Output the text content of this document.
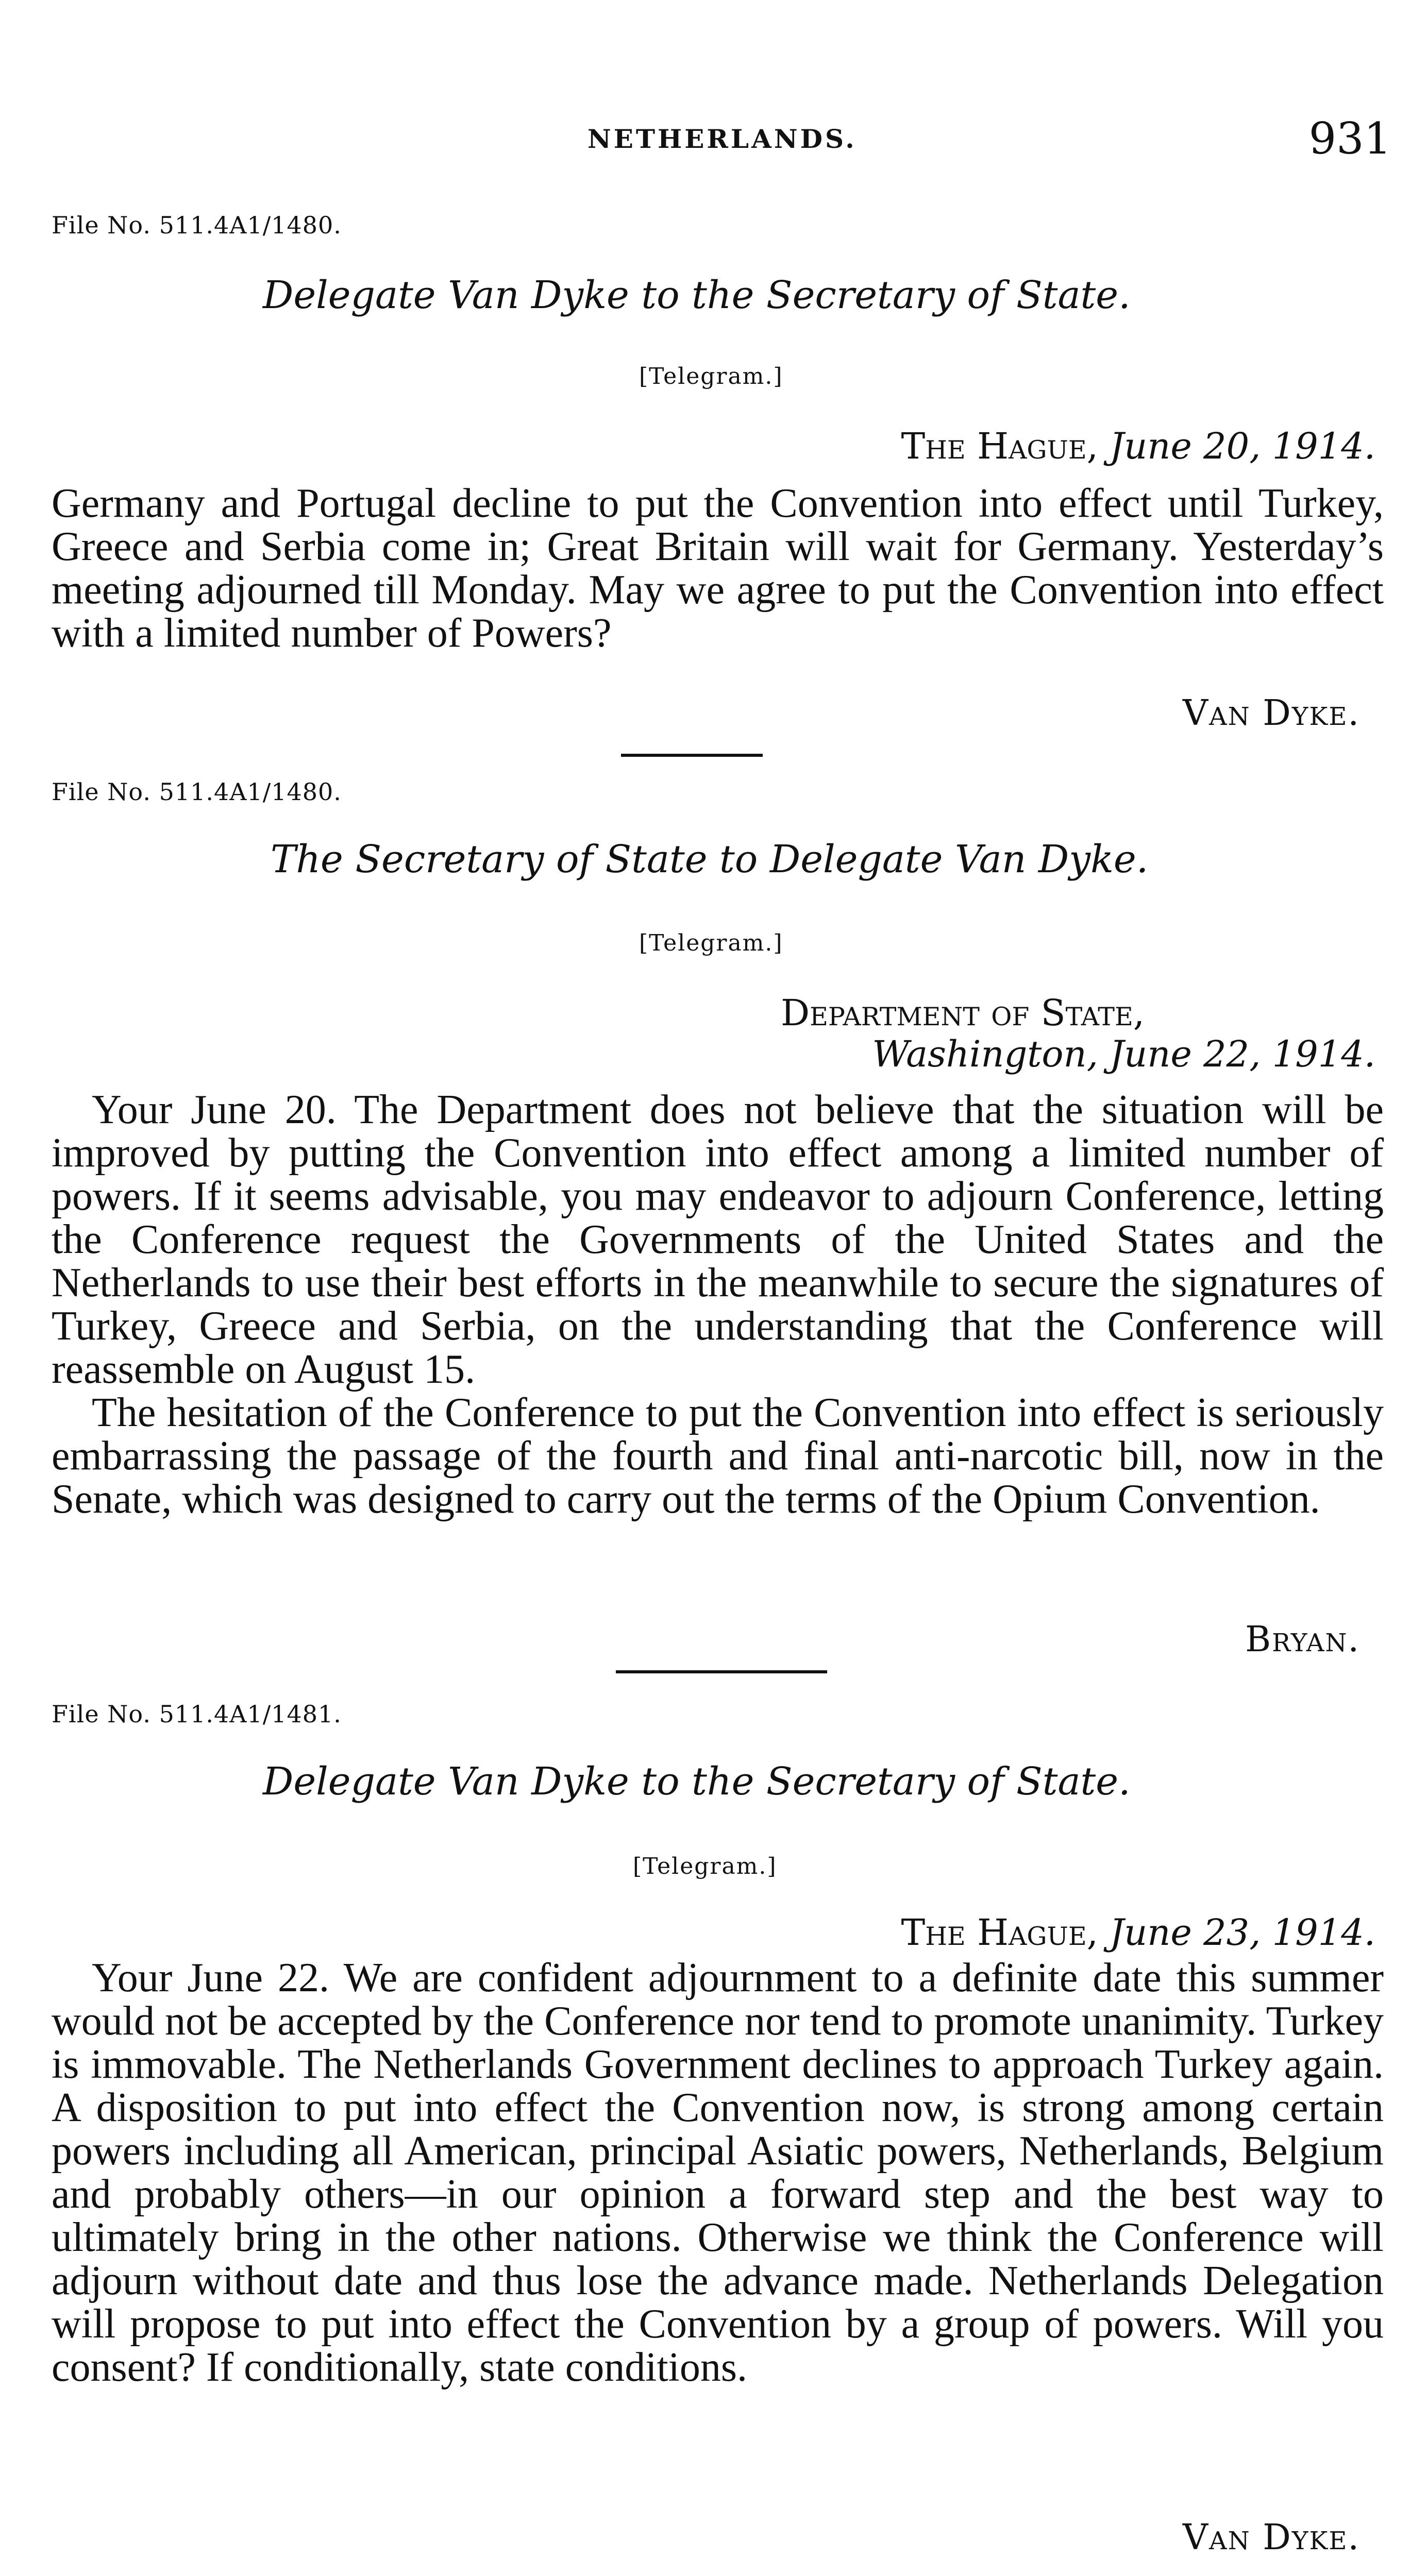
NETHERLANDS.	931
File No. 511.4A1/1480.
Delegate Van Dyke to the Secretary of State.
[Telegram.]
The Hague, June 20, 1914.

Germany and Portugal decline to put the Convention into effect until Turkey, Greece and Serbia come in; Great Britain will wait for Germany. Yesterday’s meeting adjourned till Monday. May we agree to put the Convention into effect with a limited number of Powers?

Van Dyke.
File No. 511.4A1/1480.
The Secretary of State to Delegate Van Dyke.
[Telegram.]
Department of State,
Washington, June 22, 1914.

Your June 20. The Department does not believe that the situation will be improved by putting the Convention into effect among a limited number of powers. If it seems advisable, you may endeavor to adjourn Conference, letting the Conference request the Governments of the United States and the Netherlands to use their best efforts in the meanwhile to secure the signatures of Turkey, Greece and Serbia, on the understanding that the Conference will reassemble on August 15.

The hesitation of the Conference to put the Convention into effect is seriously embarrassing the passage of the fourth and final anti-narcotic bill, now in the Senate, which was designed to carry out the terms of the Opium Convention.

Bryan.
File No. 511.4A1/1481.
Delegate Van Dyke to the Secretary of State.
[Telegram.]
The Hague, June 23, 1914.

Your June 22. We are confident adjournment to a definite date this summer would not be accepted by the Conference nor tend to promote unanimity. Turkey is immovable. The Netherlands Government declines to approach Turkey again. A disposition to put into effect the Convention now, is strong among certain powers including all American, principal Asiatic powers, Netherlands, Belgium and probably others—in our opinion a forward step and the best way to ultimately bring in the other nations. Otherwise we think the Conference will adjourn without date and thus lose the advance made. Netherlands Delegation will propose to put into effect the Convention by a group of powers. Will you consent? If conditionally, state conditions.

Van Dyke.
